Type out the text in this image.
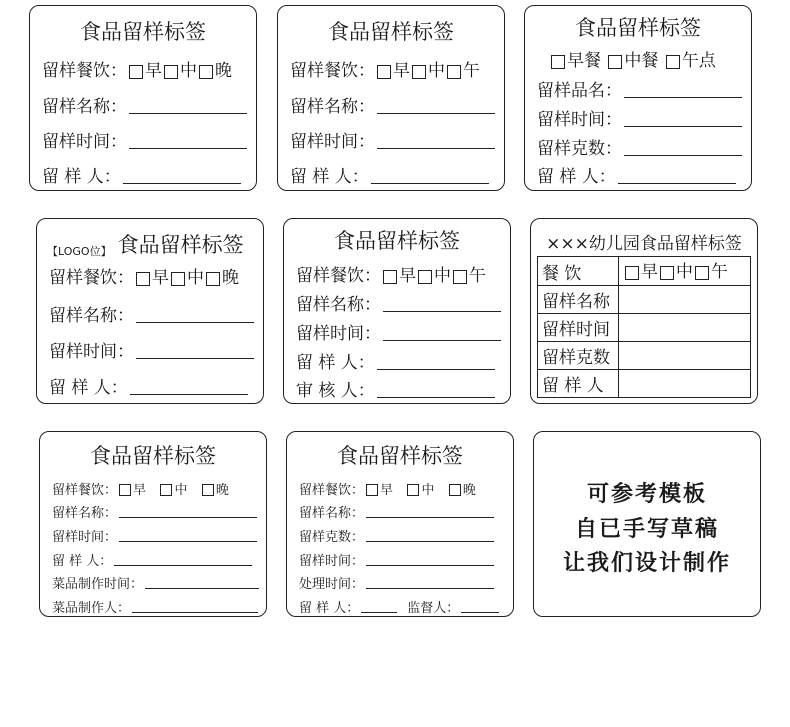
食品留样标签
留样餐饮： 早 中 晚
留样名称：
留样时间：
留 样 人：
食品留样标签
留样餐饮： 早 中 午
留样名称：
留样时间：
留 样 人：
食品留样标签
早餐
中餐
午点
留样品名：
留样时间：
留样克数：
留 样 人：
【LOGO位】 食品留样标签
留样餐饮： 早 中 晚
留样名称：
留样时间：
留 样 人：
食品留样标签
留样餐饮： 早 中 午
留样名称：
留样时间：
留 样 人：
审 核 人：
×××幼儿园食品留样标签
餐 饮	早 中 午

留样名称	
留样时间	
留样克数	
留 样 人	
食品留样标签
留样餐饮： 早
中
晚
留样名称：
留样时间：
留 样 人：
菜品制作时间：
菜品制作人：
食品留样标签
留样餐饮： 早
中
晚
留样名称：
留样克数：
留样时间：
处理时间：
留 样 人：	监督人：
可参考模板
自已手写草稿
让我们设计制作
